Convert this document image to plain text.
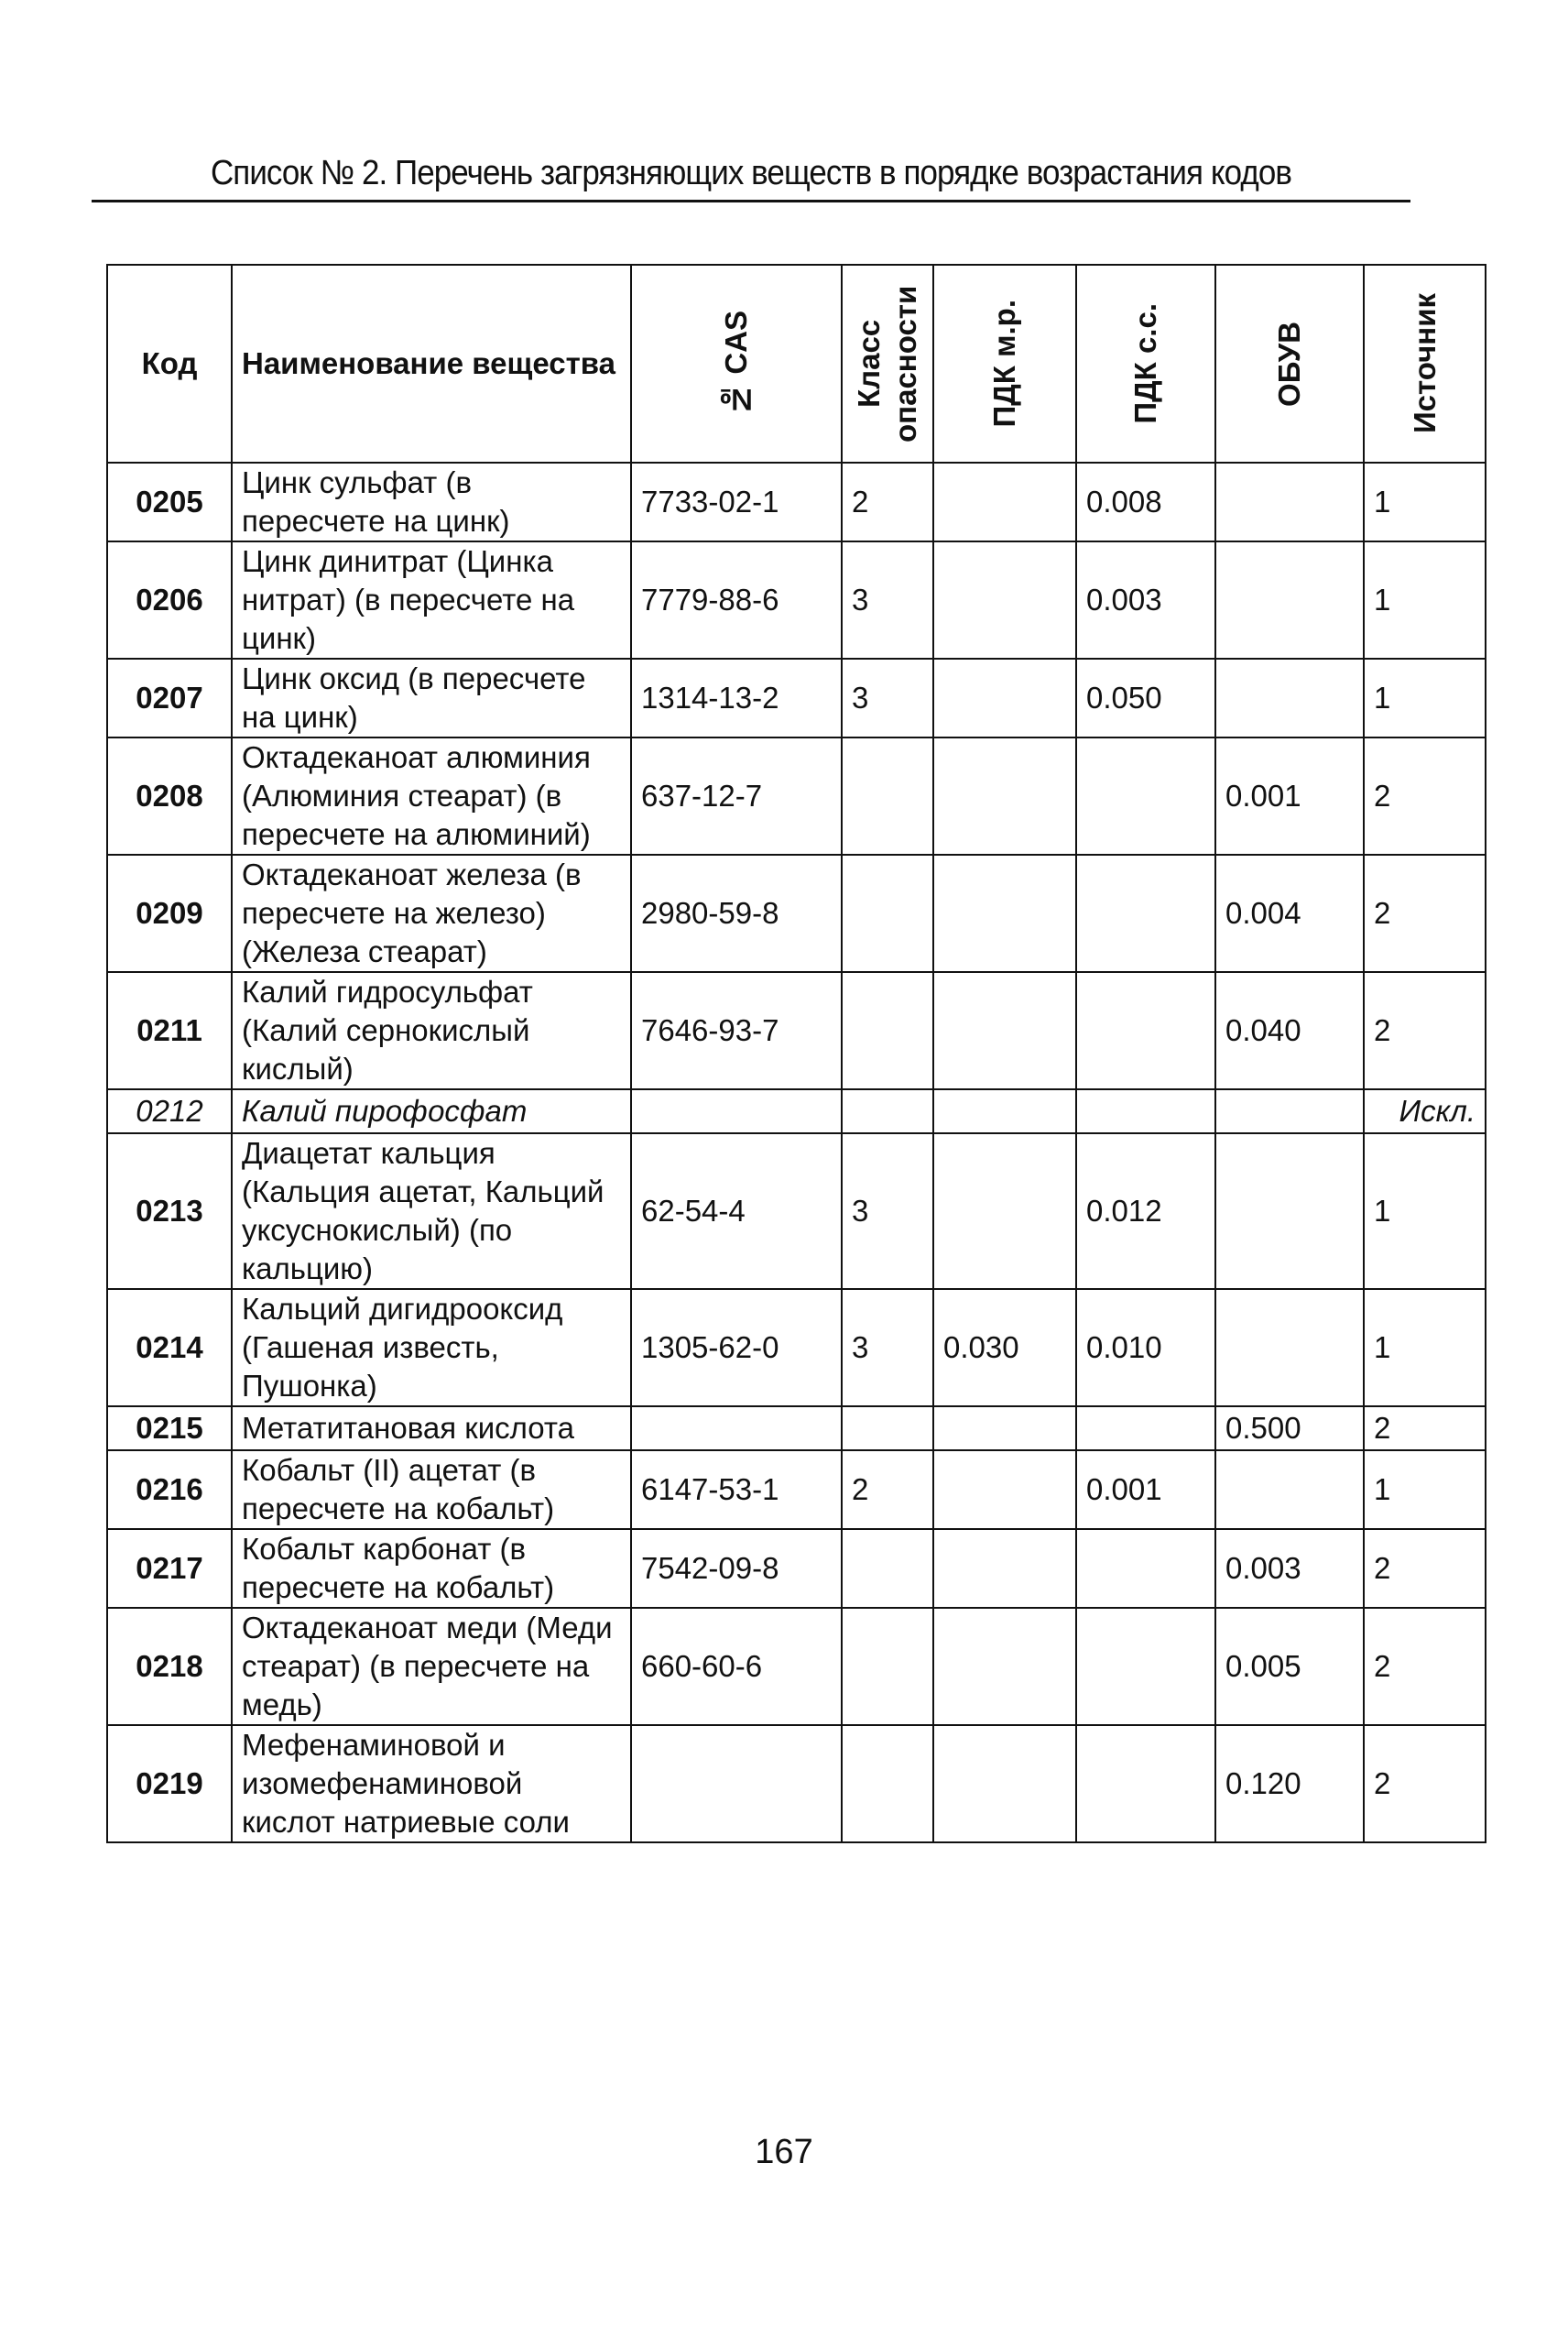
Список № 2. Перечень загрязняющих веществ в порядке возрастания кодов
Код	Наименование вещества	№ CAS	Класс опасности	ПДК м.р.	ПДК с.с.	ОБУВ	Источник

0205	Цинк сульфат (в пересчете на цинк)	7733-02-1	2		0.008		1
0206	Цинк динитрат (Цинка нитрат) (в пересчете на цинк)	7779-88-6	3		0.003		1
0207	Цинк оксид (в пересчете на цинк)	1314-13-2	3		0.050		1
0208	Октадеканоат алюминия (Алюминия стеарат) (в пересчете на алюминий)	637-12-7				0.001	2
0209	Октадеканоат железа (в пересчете на железо) (Железа стеарат)	2980-59-8				0.004	2
0211	Калий гидросульфат (Калий сернокислый кислый)	7646-93-7				0.040	2
0212	Калий пирофосфат						Искл.
0213	Диацетат кальция (Кальция ацетат, Кальций уксуснокислый) (по кальцию)	62-54-4	3		0.012		1
0214	Кальций дигидрооксид (Гашеная известь, Пушонка)	1305-62-0	3	0.030	0.010		1
0215	Метатитановая кислота					0.500	2
0216	Кобальт (II) ацетат (в пересчете на кобальт)	6147-53-1	2		0.001		1
0217	Кобальт карбонат (в пересчете на кобальт)	7542-09-8				0.003	2
0218	Октадеканоат меди (Меди стеарат) (в пересчете на медь)	660-60-6				0.005	2
0219	Мефенаминовой и изомефенаминовой кислот натриевые соли					0.120	2
167
